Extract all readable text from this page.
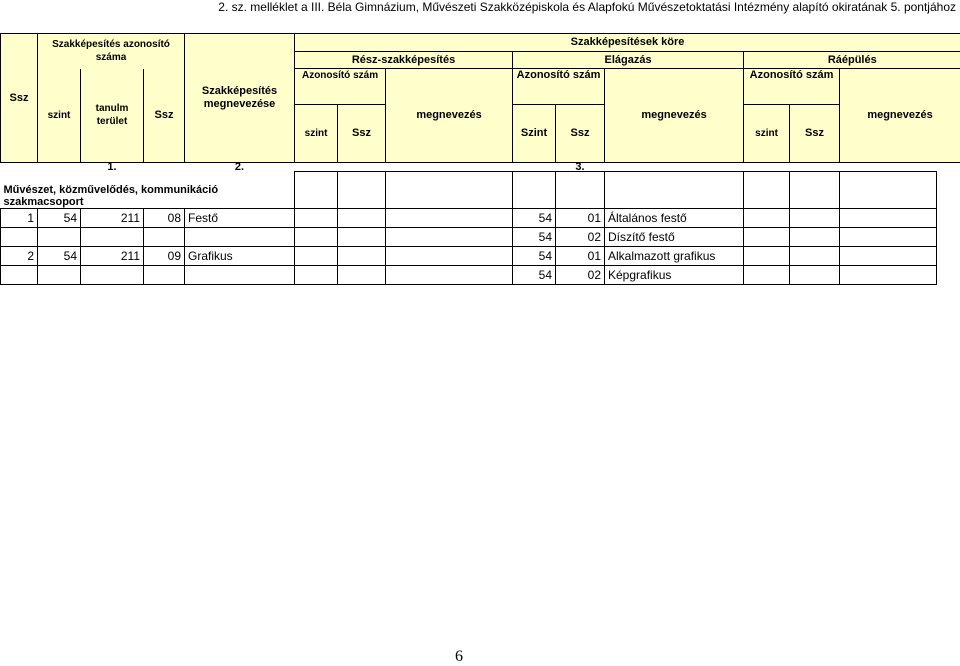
2. sz. melléklet a III. Béla Gimnázium, Művészeti Szakközépiskola és Alapfokú Művészetoktatási Intézmény alapító okiratának 5. pontjához
Ssz	Szakképesítés azonosító száma			Szakképesítés megnevezése	Szakképesítések köre								
					Rész-szakképesítés			Elágazás			Ráépülés		
	szint	tanulm terület	Ssz		Azonosító szám		megnevezés	Azonosító szám		megnevezés	Azonosító szám		megnevezés
					szint	Ssz		Szint	Ssz		szint	Ssz	
		1.		2.					3.				
Művészet, közművelődés, kommunikáció szakmacsoport													
1	54	211	08	Festő				54	01	Általános festő			
								54	02	Díszítő festő			
2	54	211	09	Grafikus				54	01	Alkalmazott grafikus			
								54	02	Képgrafikus			
6
